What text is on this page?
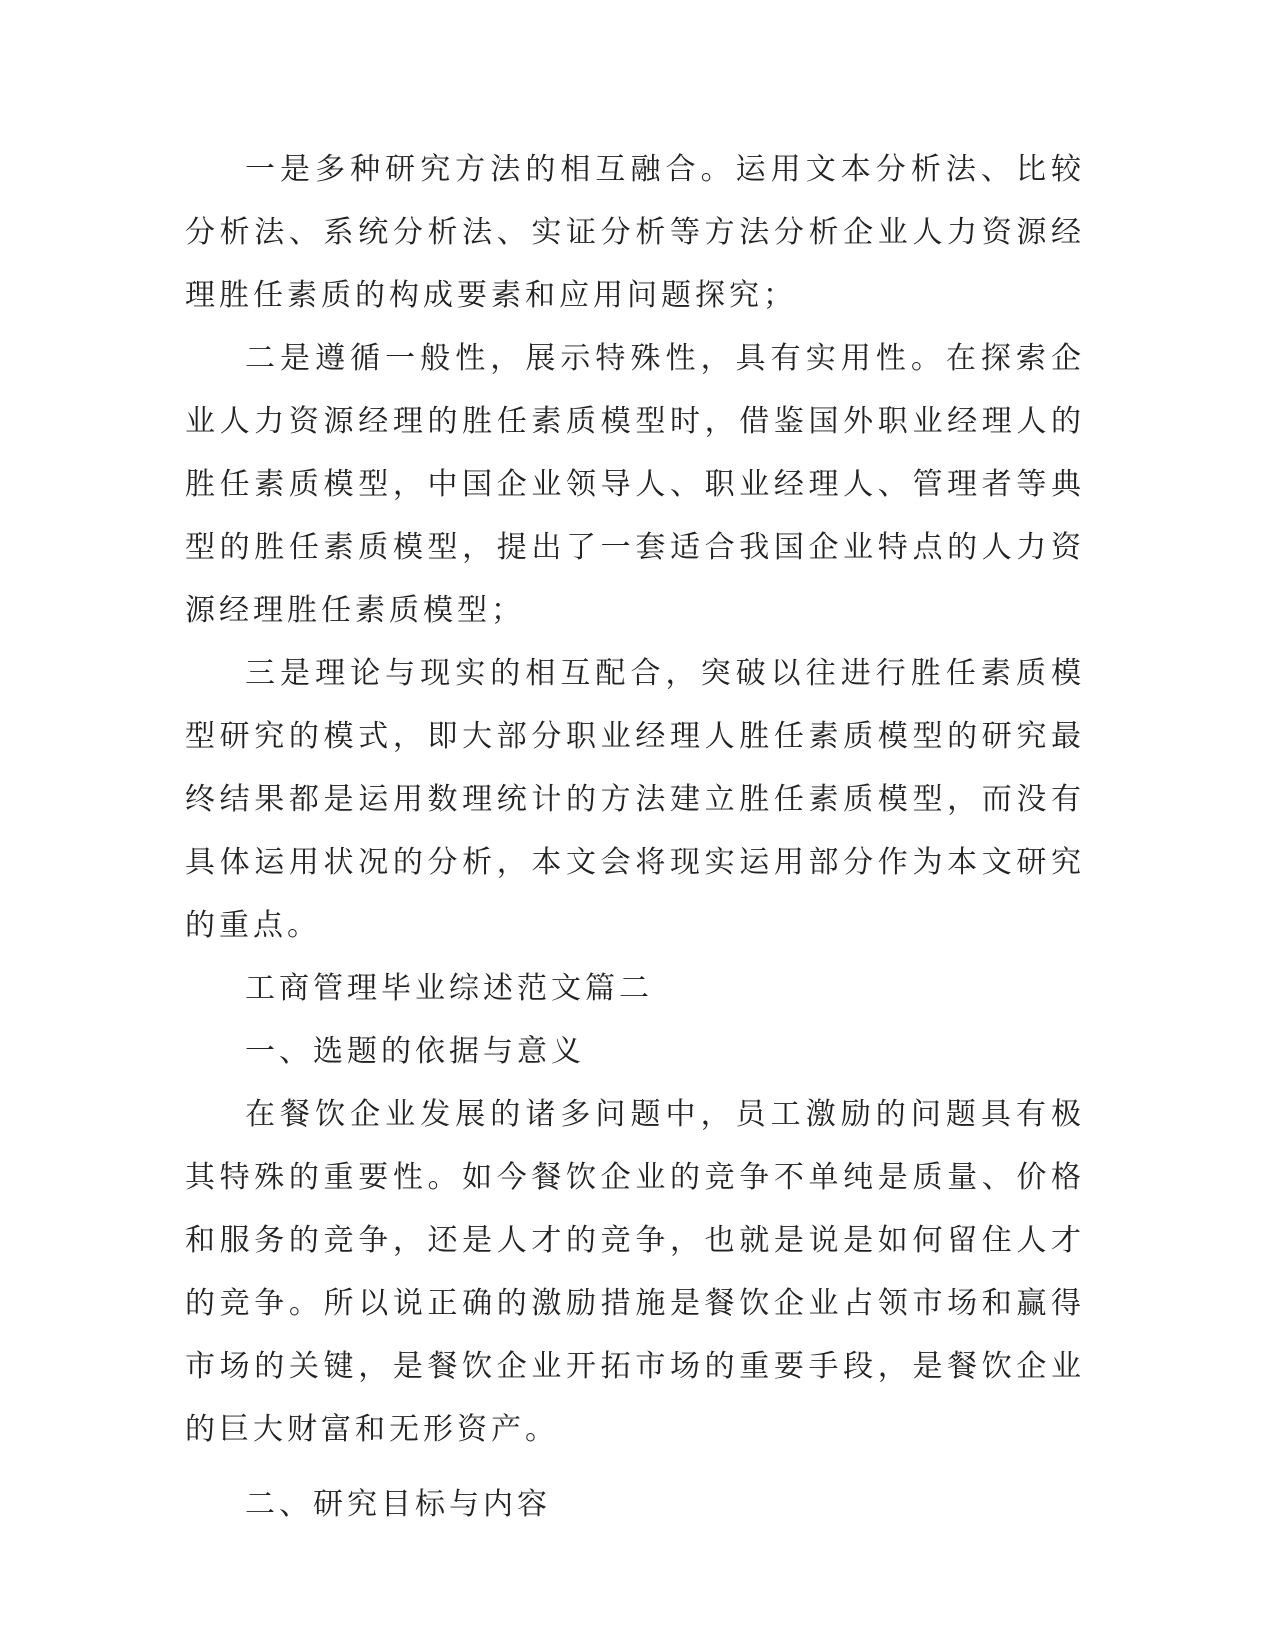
一是多种研究方法的相互融合。运用文本分析法、比较分析法、系统分析法、实证分析等方法分析企业人力资源经理胜任素质的构成要素和应用问题探究；

二是遵循一般性，展示特殊性，具有实用性。在探索企业人力资源经理的胜任素质模型时，借鉴国外职业经理人的胜任素质模型，中国企业领导人、职业经理人、管理者等典型的胜任素质模型，提出了一套适合我国企业特点的人力资源经理胜任素质模型；

三是理论与现实的相互配合，突破以往进行胜任素质模型研究的模式，即大部分职业经理人胜任素质模型的研究最终结果都是运用数理统计的方法建立胜任素质模型，而没有具体运用状况的分析，本文会将现实运用部分作为本文研究的重点。

工商管理毕业综述范文篇二

一、选题的依据与意义

在餐饮企业发展的诸多问题中，员工激励的问题具有极其特殊的重要性。如今餐饮企业的竞争不单纯是质量、价格和服务的竞争，还是人才的竞争，也就是说是如何留住人才的竞争。所以说正确的激励措施是餐饮企业占领市场和赢得市场的关键，是餐饮企业开拓市场的重要手段，是餐饮企业的巨大财富和无形资产。

二、研究目标与内容
